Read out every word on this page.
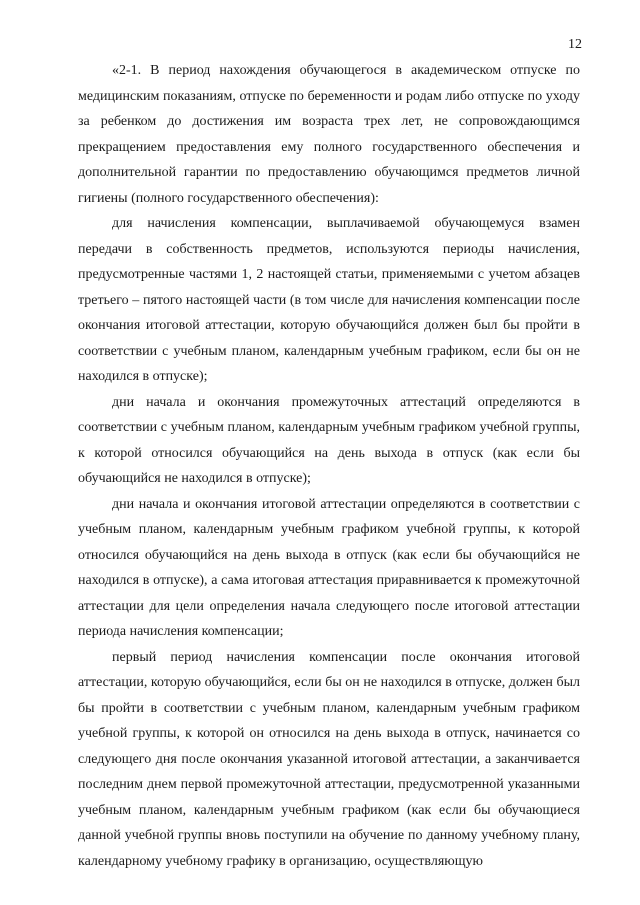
12

«2-1. В период нахождения обучающегося в академическом отпуске по медицинским показаниям, отпуске по беременности и родам либо отпуске по уходу за ребенком до достижения им возраста трех лет, не сопровождающимся прекращением предоставления ему полного государственного обеспечения и дополнительной гарантии по предоставлению обучающимся предметов личной гигиены (полного государственного обеспечения):

для начисления компенсации, выплачиваемой обучающемуся взамен передачи в собственность предметов, используются периоды начисления, предусмотренные частями 1, 2 настоящей статьи, применяемыми с учетом абзацев третьего – пятого настоящей части (в том числе для начисления компенсации после окончания итоговой аттестации, которую обучающийся должен был бы пройти в соответствии с учебным планом, календарным учебным графиком, если бы он не находился в отпуске);

дни начала и окончания промежуточных аттестаций определяются в соответствии с учебным планом, календарным учебным графиком учебной группы, к которой относился обучающийся на день выхода в отпуск (как если бы обучающийся не находился в отпуске);

дни начала и окончания итоговой аттестации определяются в соответствии с учебным планом, календарным учебным графиком учебной группы, к которой относился обучающийся на день выхода в отпуск (как если бы обучающийся не находился в отпуске), а сама итоговая аттестация приравнивается к промежуточной аттестации для цели определения начала следующего после итоговой аттестации периода начисления компенсации;

первый период начисления компенсации после окончания итоговой аттестации, которую обучающийся, если бы он не находился в отпуске, должен был бы пройти в соответствии с учебным планом, календарным учебным графиком учебной группы, к которой он относился на день выхода в отпуск, начинается со следующего дня после окончания указанной итоговой аттестации, а заканчивается последним днем первой промежуточной аттестации, предусмотренной указанными учебным планом, календарным учебным графиком (как если бы обучающиеся данной учебной группы вновь поступили на обучение по данному учебному плану, календарному учебному графику в организацию, осуществляющую
